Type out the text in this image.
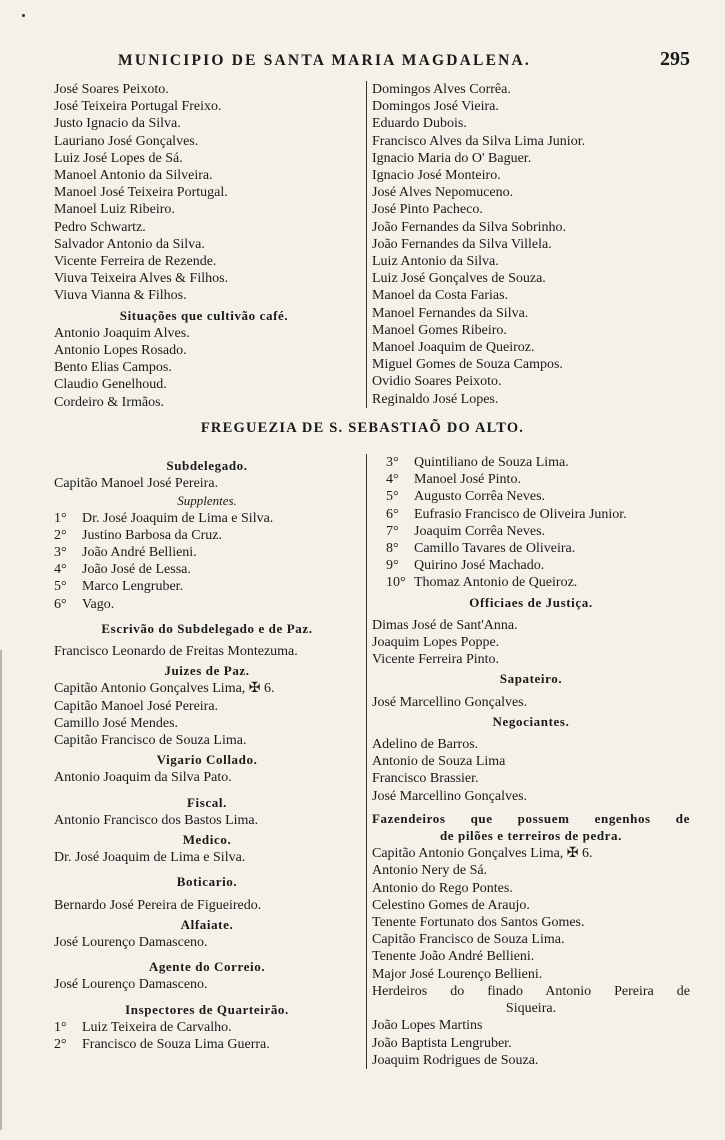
MUNICIPIO DE SANTA MARIA MAGDALENA.	295
José Soares Peixoto.
José Teixeira Portugal Freixo.
Justo Ignacio da Silva.
Lauriano José Gonçalves.
Luiz José Lopes de Sá.
Manoel Antonio da Silveira.
Manoel José Teixeira Portugal.
Manoel Luiz Ribeiro.
Pedro Schwartz.
Salvador Antonio da Silva.
Vicente Ferreira de Rezende.
Viuva Teixeira Alves & Filhos.
Viuva Vianna & Filhos.
Situações que cultivão café.
Antonio Joaquim Alves.
Antonio Lopes Rosado.
Bento Elias Campos.
Claudio Genelhoud.
Cordeiro & Irmãos.
Domingos Alves Corrêa.
Domingos José Vieira.
Eduardo Dubois.
Francisco Alves da Silva Lima Junior.
Ignacio Maria do O' Baguer.
Ignacio José Monteiro.
José Alves Nepomuceno.
José Pinto Pacheco.
João Fernandes da Silva Sobrinho.
João Fernandes da Silva Villela.
Luiz Antonio da Silva.
Luiz José Gonçalves de Souza.
Manoel da Costa Farias.
Manoel Fernandes da Silva.
Manoel Gomes Ribeiro.
Manoel Joaquim de Queiroz.
Miguel Gomes de Souza Campos.
Ovidio Soares Peixoto.
Reginaldo José Lopes.
FREGUEZIA DE S. SEBASTIAÕ DO ALTO.
Subdelegado.
Capitão Manoel José Pereira.
Supplentes.
1° Dr. José Joaquim de Lima e Silva.
2° Justino Barbosa da Cruz.
3° João André Bellieni.
4° João José de Lessa.
5° Marco Lengruber.
6° Vago.
Escrivão do Subdelegado e de Paz.
Francisco Leonardo de Freitas Montezuma.
Juizes de Paz.
Capitão Antonio Gonçalves Lima, ✠ 6.
Capitão Manoel José Pereira.
Camillo José Mendes.
Capitão Francisco de Souza Lima.
Vigario Collado.
Antonio Joaquim da Silva Pato.
Fiscal.
Antonio Francisco dos Bastos Lima.
Medico.
Dr. José Joaquim de Lima e Silva.
Boticario.
Bernardo José Pereira de Figueiredo.
Alfaiate.
José Lourenço Damasceno.
Agente do Correio.
José Lourenço Damasceno.
Inspectores de Quarteirão.
1° Luiz Teixeira de Carvalho.
2° Francisco de Souza Lima Guerra.
3° Quintiliano de Souza Lima.
4° Manoel José Pinto.
5° Augusto Corrêa Neves.
6° Eufrasio Francisco de Oliveira Junior.
7° Joaquim Corrêa Neves.
8° Camillo Tavares de Oliveira.
9° Quirino José Machado.
10° Thomaz Antonio de Queiroz.
Officiaes de Justiça.
Dimas José de Sant'Anna.
Joaquim Lopes Poppe.
Vicente Ferreira Pinto.
Sapateiro.
José Marcellino Gonçalves.
Negociantes.
Adelino de Barros.
Antonio de Souza Lima
Francisco Brassier.
José Marcellino Gonçalves.
Fazendeiros que possuem engenhos de
de pilões e terreiros de pedra.
Capitão Antonio Gonçalves Lima, ✠ 6.
Antonio Nery de Sá.
Antonio do Rego Pontes.
Celestino Gomes de Araujo.
Tenente Fortunato dos Santos Gomes.
Capitão Francisco de Souza Lima.
Tenente João André Bellieni.
Major José Lourenço Bellieni.
Herdeiros do finado Antonio Pereira de
Siqueira.
João Lopes Martins
João Baptista Lengruber.
Joaquim Rodrigues de Souza.
